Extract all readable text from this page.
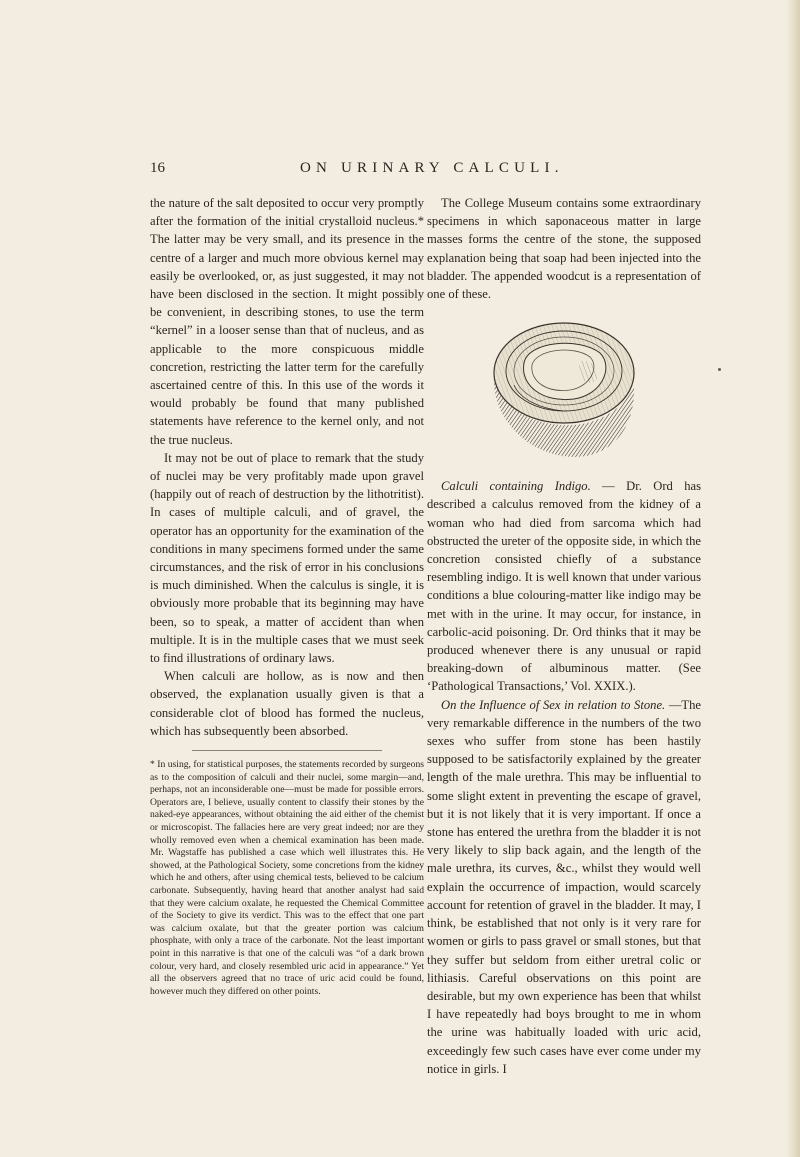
16	ON URINARY CALCULI.

the nature of the salt deposited to occur very promptly after the formation of the initial crystalloid nucleus.* The latter may be very small, and its presence in the centre of a larger and much more obvious kernel may easily be overlooked, or, as just suggested, it may not have been disclosed in the section. It might possibly be convenient, in describing stones, to use the term “kernel” in a looser sense than that of nucleus, and as applicable to the more conspicuous middle concretion, restricting the latter term for the carefully ascertained centre of this. In this use of the words it would probably be found that many published statements have reference to the kernel only, and not the true nucleus.

It may not be out of place to remark that the study of nuclei may be very profitably made upon gravel (happily out of reach of destruction by the lithotritist). In cases of multiple calculi, and of gravel, the operator has an opportunity for the examination of the conditions in many specimens formed under the same circumstances, and the risk of error in his conclusions is much diminished. When the calculus is single, it is obviously more probable that its beginning may have been, so to speak, a matter of accident than when multiple. It is in the multiple cases that we must seek to find illustrations of ordinary laws.

When calculi are hollow, as is now and then observed, the explanation usually given is that a considerable clot of blood has formed the nucleus, which has subsequently been absorbed.

* In using, for statistical purposes, the statements recorded by surgeons as to the composition of calculi and their nuclei, some margin—and, perhaps, not an inconsiderable one—must be made for possible errors. Operators are, I believe, usually content to classify their stones by the naked-eye appearances, without obtaining the aid either of the chemist or microscopist. The fallacies here are very great indeed; nor are they wholly removed even when a chemical examination has been made. Mr. Wagstaffe has published a case which well illustrates this. He showed, at the Pathological Society, some concretions from the kidney which he and others, after using chemical tests, believed to be calcium carbonate. Subsequently, having heard that another analyst had said that they were calcium oxalate, he requested the Chemical Committee of the Society to give its verdict. This was to the effect that one part was calcium oxalate, but that the greater portion was calcium phosphate, with only a trace of the carbonate. Not the least important point in this narrative is that one of the calculi was “of a dark brown colour, very hard, and closely resembled uric acid in appearance.” Yet all the observers agreed that no trace of uric acid could be found, however much they differed on other points.

The College Museum contains some extraordinary specimens in which saponaceous matter in large masses forms the centre of the stone, the supposed explanation being that soap had been injected into the bladder. The appended woodcut is a representation of one of these.

Calculi containing Indigo. — Dr. Ord has described a calculus removed from the kidney of a woman who had died from sarcoma which had obstructed the ureter of the opposite side, in which the concretion consisted chiefly of a substance resembling indigo. It is well known that under various conditions a blue colouring-matter like indigo may be met with in the urine. It may occur, for instance, in carbolic-acid poisoning. Dr. Ord thinks that it may be produced whenever there is any unusual or rapid breaking-down of albuminous matter. (See ‘Pathological Transactions,’ Vol. XXIX.).

On the Influence of Sex in relation to Stone. —The very remarkable difference in the numbers of the two sexes who suffer from stone has been hastily supposed to be satisfactorily explained by the greater length of the male urethra. This may be influential to some slight extent in preventing the escape of gravel, but it is not likely that it is very important. If once a stone has entered the urethra from the bladder it is not very likely to slip back again, and the length of the male urethra, its curves, &c., whilst they would well explain the occurrence of impaction, would scarcely account for retention of gravel in the bladder. It may, I think, be established that not only is it very rare for women or girls to pass gravel or small stones, but that they suffer but seldom from either uretral colic or lithiasis. Careful observations on this point are desirable, but my own experience has been that whilst I have repeatedly had boys brought to me in whom the urine was habitually loaded with uric acid, exceedingly few such cases have ever come under my notice in girls. I
